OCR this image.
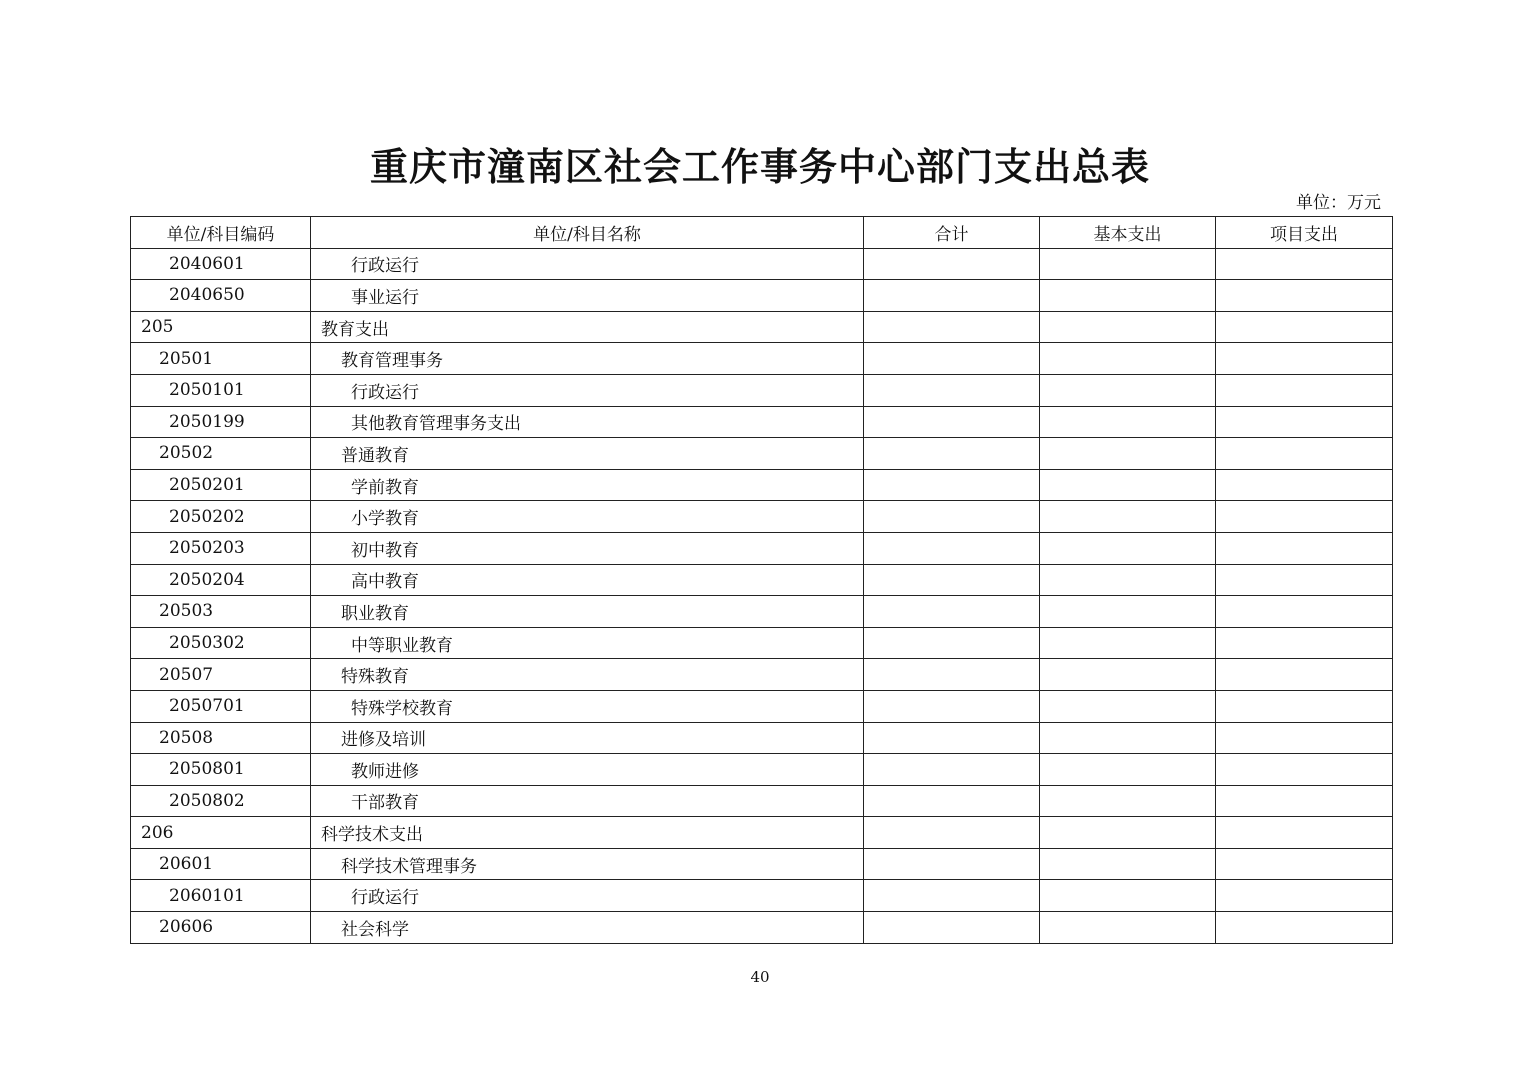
重庆市潼南区社会工作事务中心部门支出总表
单位：万元
单位/科目编码	单位/科目名称	合计	基本支出	项目支出
2040601	行政运行			
2040650	事业运行			
205	教育支出			
20501	教育管理事务			
2050101	行政运行			
2050199	其他教育管理事务支出			
20502	普通教育			
2050201	学前教育			
2050202	小学教育			
2050203	初中教育			
2050204	高中教育			
20503	职业教育			
2050302	中等职业教育			
20507	特殊教育			
2050701	特殊学校教育			
20508	进修及培训			
2050801	教师进修			
2050802	干部教育			
206	科学技术支出			
20601	科学技术管理事务			
2060101	行政运行			
20606	社会科学			
40
